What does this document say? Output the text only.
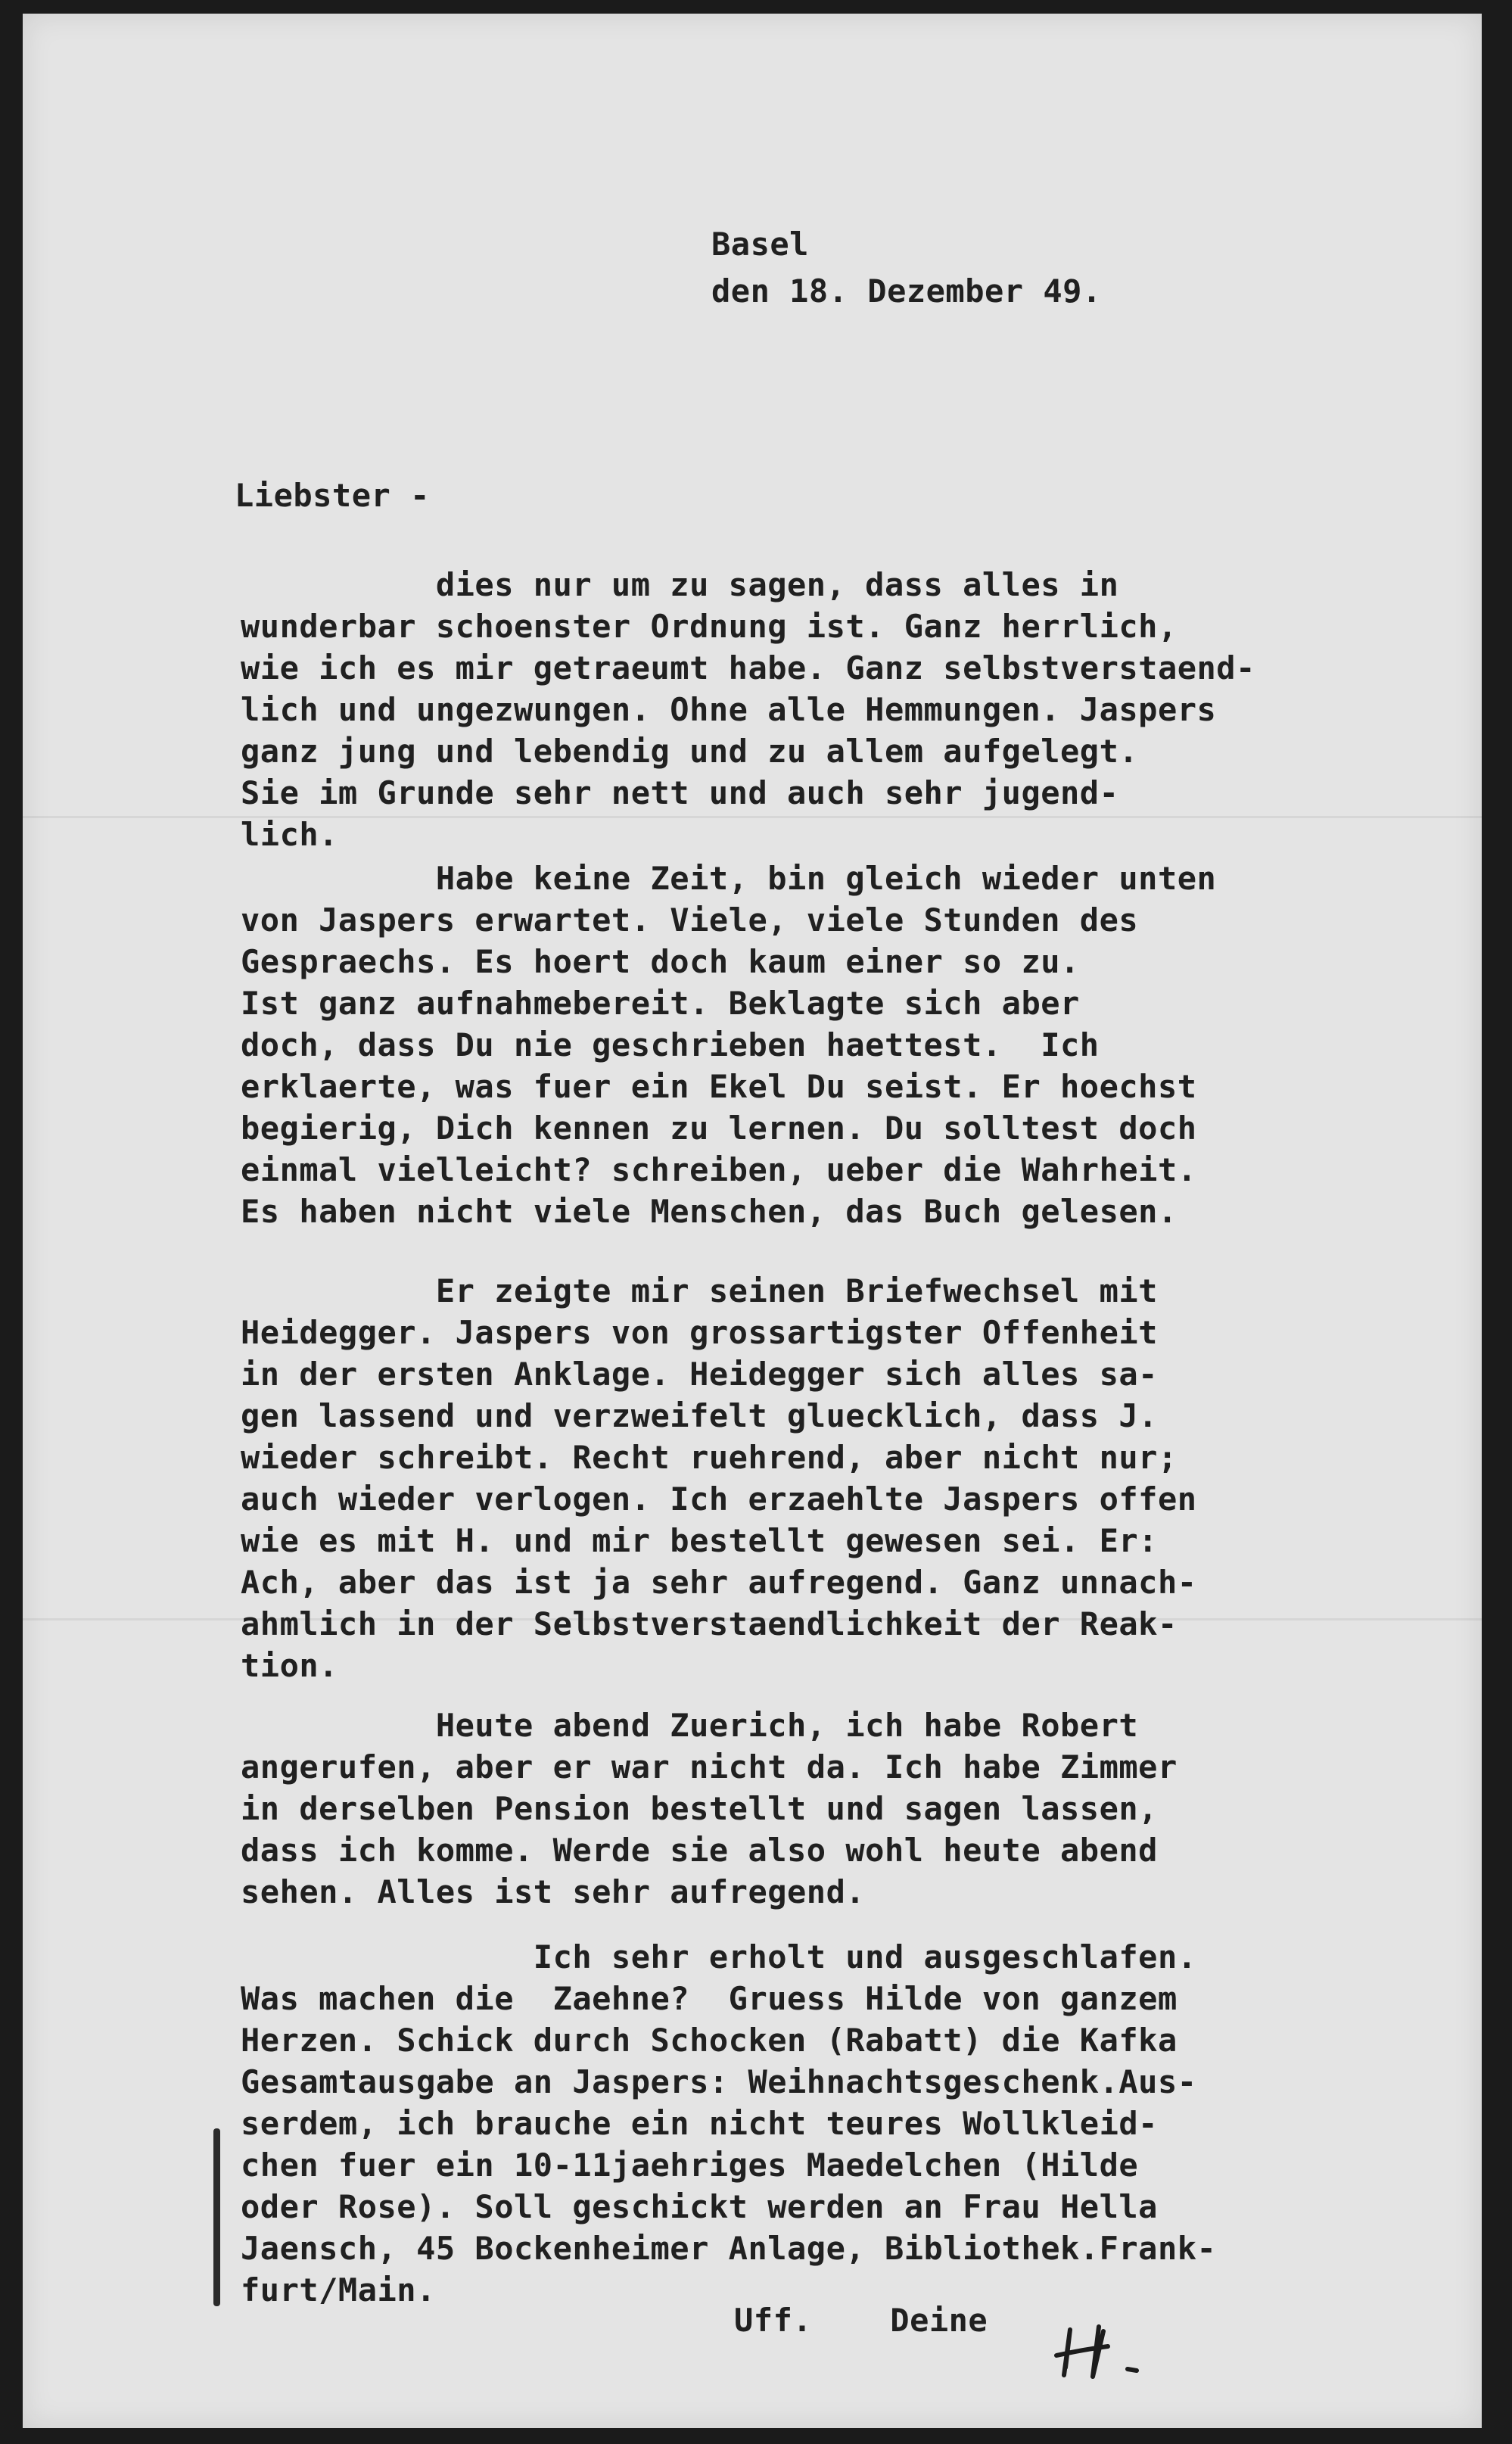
Basel
den 18. Dezember 49.
Liebster -
dies nur um zu sagen, dass alles in
wunderbar schoenster Ordnung ist. Ganz herrlich,
wie ich es mir getraeumt habe. Ganz selbstverstaend-
lich und ungezwungen. Ohne alle Hemmungen. Jaspers
ganz jung und lebendig und zu allem aufgelegt.
Sie im Grunde sehr nett und auch sehr jugend-
lich.
Habe keine Zeit, bin gleich wieder unten
von Jaspers erwartet. Viele, viele Stunden des
Gespraechs. Es hoert doch kaum einer so zu.
Ist ganz aufnahmebereit. Beklagte sich aber
doch, dass Du nie geschrieben haettest.  Ich
erklaerte, was fuer ein Ekel Du seist. Er hoechst
begierig, Dich kennen zu lernen. Du solltest doch
einmal vielleicht? schreiben, ueber die Wahrheit.
Es haben nicht viele Menschen, das Buch gelesen.
Er zeigte mir seinen Briefwechsel mit
Heidegger. Jaspers von grossartigster Offenheit
in der ersten Anklage. Heidegger sich alles sa-
gen lassend und verzweifelt gluecklich, dass J.
wieder schreibt. Recht ruehrend, aber nicht nur;
auch wieder verlogen. Ich erzaehlte Jaspers offen
wie es mit H. und mir bestellt gewesen sei. Er:
Ach, aber das ist ja sehr aufregend. Ganz unnach-
ahmlich in der Selbstverstaendlichkeit der Reak-
tion.
Heute abend Zuerich, ich habe Robert
angerufen, aber er war nicht da. Ich habe Zimmer
in derselben Pension bestellt und sagen lassen,
dass ich komme. Werde sie also wohl heute abend
sehen. Alles ist sehr aufregend.
Ich sehr erholt und ausgeschlafen.
Was machen die  Zaehne?  Gruess Hilde von ganzem
Herzen. Schick durch Schocken (Rabatt) die Kafka
Gesamtausgabe an Jaspers: Weihnachtsgeschenk.Aus-
serdem, ich brauche ein nicht teures Wollkleid-
chen fuer ein 10-11jaehriges Maedelchen (Hilde
oder Rose). Soll geschickt werden an Frau Hella
Jaensch, 45 Bockenheimer Anlage, Bibliothek.Frank-
furt/Main.
Uff.    Deine
